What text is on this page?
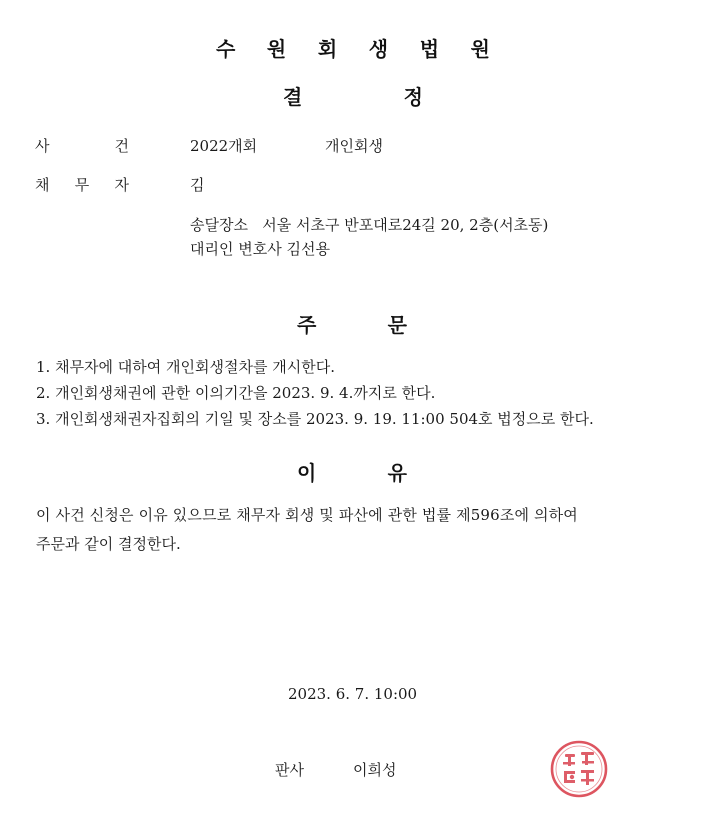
수 원 회 생 법 원
결	정
사	건	2022개회	개인회생
채 무 자	김
송달장소   서울 서초구 반포대로24길 20, 2층(서초동)
대리인 변호사 김선용
주	문
1. 채무자에 대하여 개인회생절차를 개시한다.
2. 개인회생채권에 관한 이의기간을 2023. 9. 4.까지로 한다.
3. 개인회생채권자집회의 기일 및 장소를 2023. 9. 19. 11:00 504호 법정으로 한다.
이	유
이 사건 신청은 이유 있으므로 채무자 회생 및 파산에 관한 법률 제596조에 의하여
주문과 같이 결정한다.
2023. 6. 7. 10:00
판사	이희성
